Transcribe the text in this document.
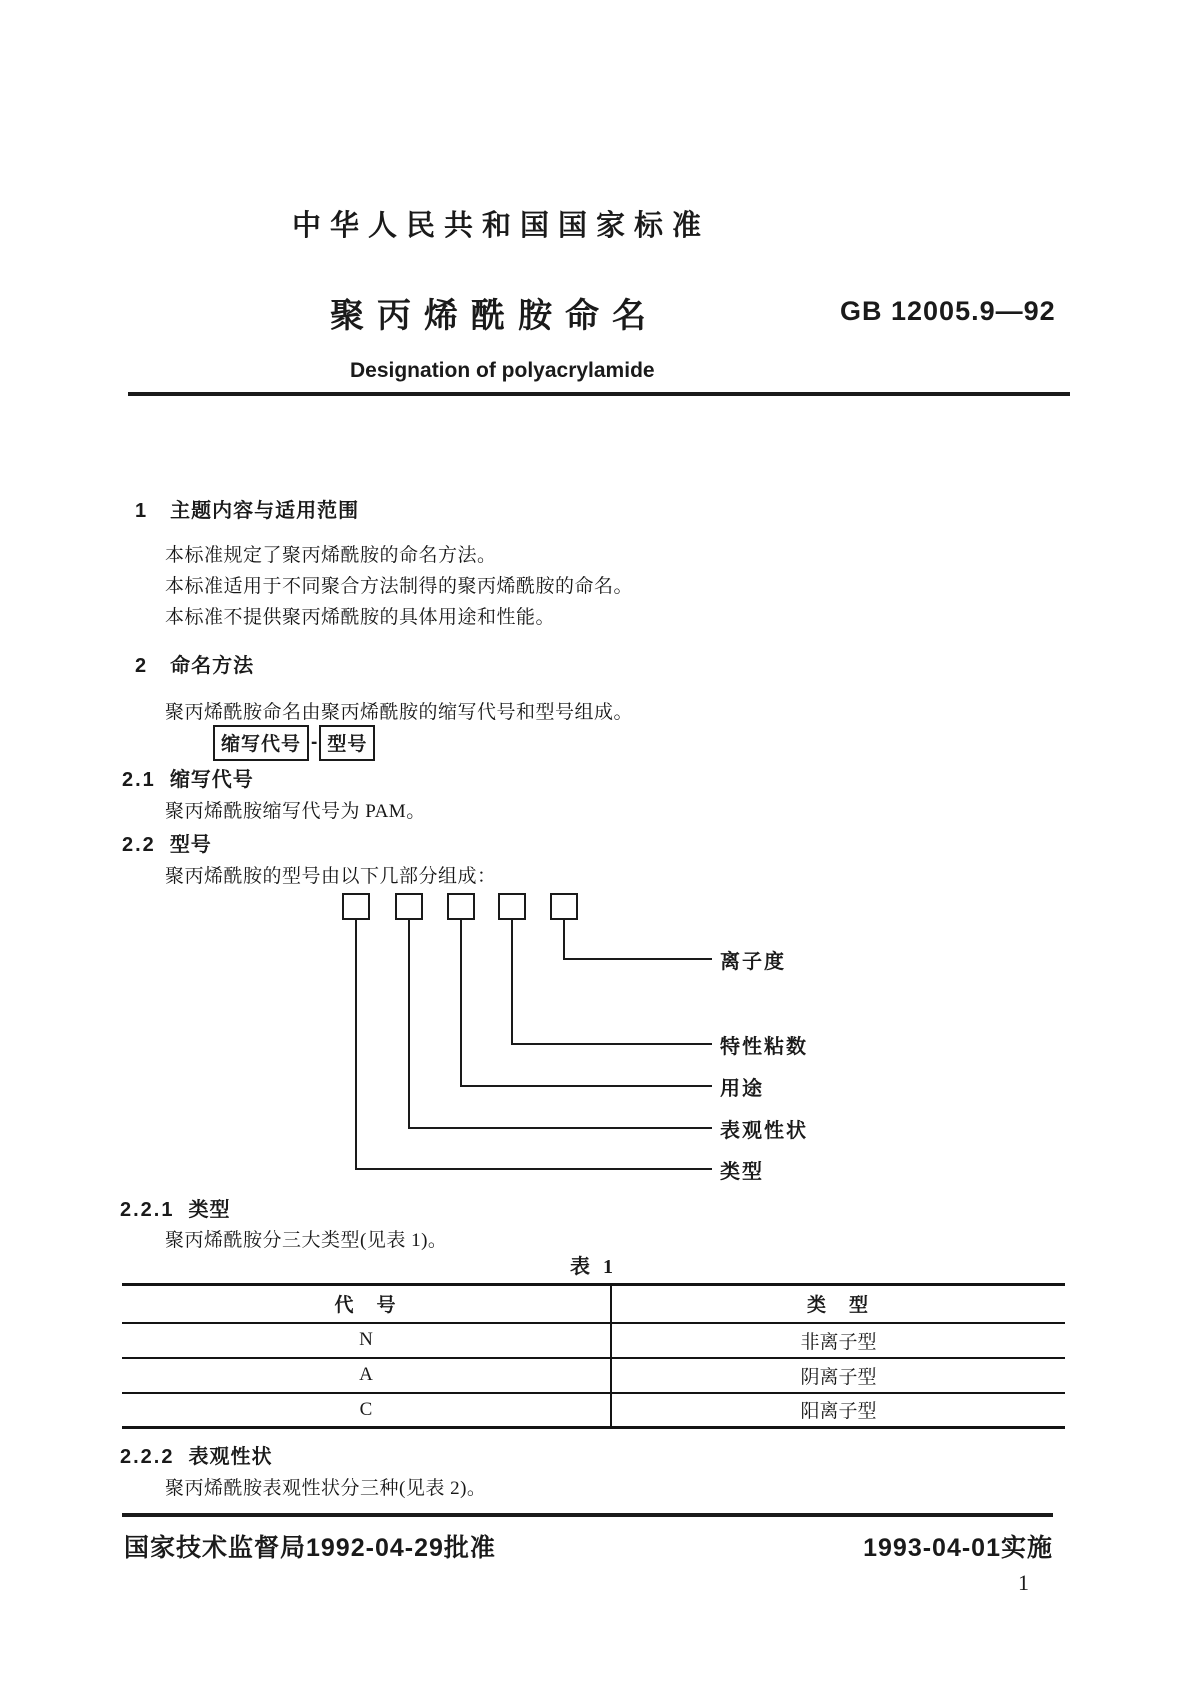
中华人民共和国国家标准
聚丙烯酰胺命名	GB 12005.9—92
Designation of polyacrylamide
1 主题内容与适用范围
本标准规定了聚丙烯酰胺的命名方法。
本标准适用于不同聚合方法制得的聚丙烯酰胺的命名。
本标准不提供聚丙烯酰胺的具体用途和性能。
2 命名方法
聚丙烯酰胺命名由聚丙烯酰胺的缩写代号和型号组成。
缩写代号 - 型号
2.1 缩写代号
聚丙烯酰胺缩写代号为 PAM。
2.2 型号
聚丙烯酰胺的型号由以下几部分组成：
类型
表观性状
用途
特性粘数
离子度
2.2.1 类型
聚丙烯酰胺分三大类型(见表 1)。
表 1
代　号	类　型
N	非离子型
A	阴离子型
C	阳离子型
2.2.2 表观性状
聚丙烯酰胺表观性状分三种(见表 2)。
国家技术监督局1992-04-29批准	1993-04-01实施
1
